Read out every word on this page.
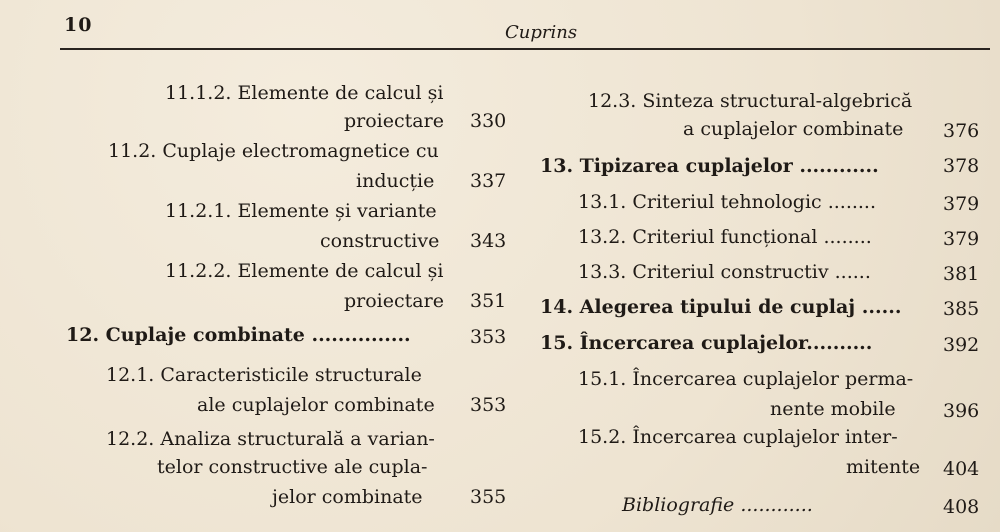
10	Cuprins
11.1.2. Elemente de calcul și
proiectare 330
11.2. Cuplaje electromagnetice cu
inducție 337
11.2.1. Elemente și variante
constructive 343
11.2.2. Elemente de calcul și
proiectare 351
12. Cuplaje combinate ...............	353
12.1. Caracteristicile structurale
ale cuplajelor combinate 353
12.2. Analiza structurală a varian-
telor constructive ale cupla-
jelor combinate 355
12.3. Sinteza structural-algebrică
a cuplajelor combinate 376
13. Tipizarea cuplajelor ............	378
13.1. Criteriul tehnologic ........	379
13.2. Criteriul funcțional ........	379
13.3. Criteriul constructiv ......	381
14. Alegerea tipului de cuplaj ...... 385
15. Încercarea cuplajelor..........	392
15.1. Încercarea cuplajelor perma-
nente mobile 396
15.2. Încercarea cuplajelor inter-
mitente 404
Bibliografie ............	408
